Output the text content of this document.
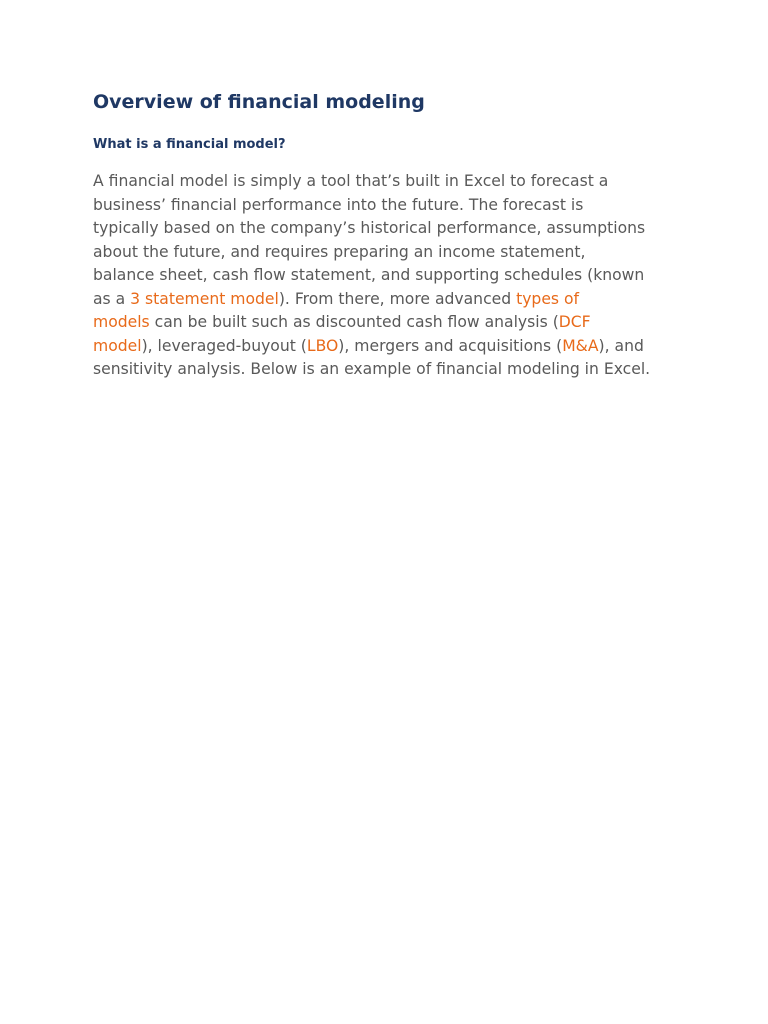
Overview of financial modeling
What is a financial model?

A financial model is simply a tool that’s built in Excel to forecast a
business’ financial performance into the future. The forecast is
typically based on the company’s historical performance, assumptions
about the future, and requires preparing an income statement,
balance sheet, cash flow statement, and supporting schedules (known
as a 3 statement model). From there, more advanced types of
models can be built such as discounted cash flow analysis (DCF
model), leveraged-buyout (LBO), mergers and acquisitions (M&A), and
sensitivity analysis. Below is an example of financial modeling in Excel.
